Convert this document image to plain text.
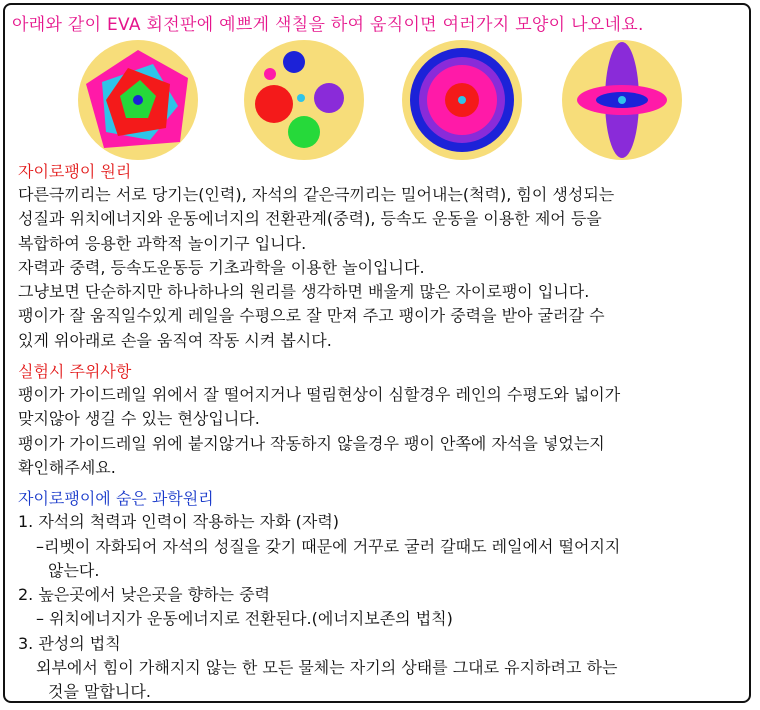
아래와 같이 EVA 회전판에 예쁘게 색칠을 하여 움직이면 여러가지 모양이 나오네요.
자이로팽이 원리
다른극끼리는 서로 당기는(인력), 자석의 같은극끼리는 밀어내는(척력), 힘이 생성되는
성질과 위치에너지와 운동에너지의 전환관계(중력), 등속도 운동을 이용한 제어 등을
복합하여 응용한 과학적 놀이기구 입니다.
자력과 중력, 등속도운동등 기초과학을 이용한 놀이입니다.
그냥보면 단순하지만 하나하나의 원리를 생각하면 배울게 많은 자이로팽이 입니다.
팽이가 잘 움직일수있게 레일을 수평으로 잘 만져 주고 팽이가 중력을 받아 굴러갈 수
있게 위아래로 손을 움직여 작동 시켜 봅시다.
실험시 주위사항
팽이가 가이드레일 위에서 잘 떨어지거나 떨림현상이 심할경우 레인의 수평도와 넓이가
맞지않아 생길 수 있는 현상입니다.
팽이가 가이드레일 위에 붙지않거나 작동하지 않을경우 팽이 안쪽에 자석을 넣었는지
확인해주세요.
자이로팽이에 숨은 과학원리
1. 자석의 척력과 인력이 작용하는 자화 (자력)
–리벳이 자화되어 자석의 성질을 갖기 때문에 거꾸로 굴러 갈때도 레일에서 떨어지지
않는다.
2. 높은곳에서 낮은곳을 향하는 중력
– 위치에너지가 운동에너지로 전환된다.(에너지보존의 법칙)
3. 관성의 법칙
외부에서 힘이 가해지지 않는 한 모든 물체는 자기의 상태를 그대로 유지하려고 하는
것을 말합니다.
